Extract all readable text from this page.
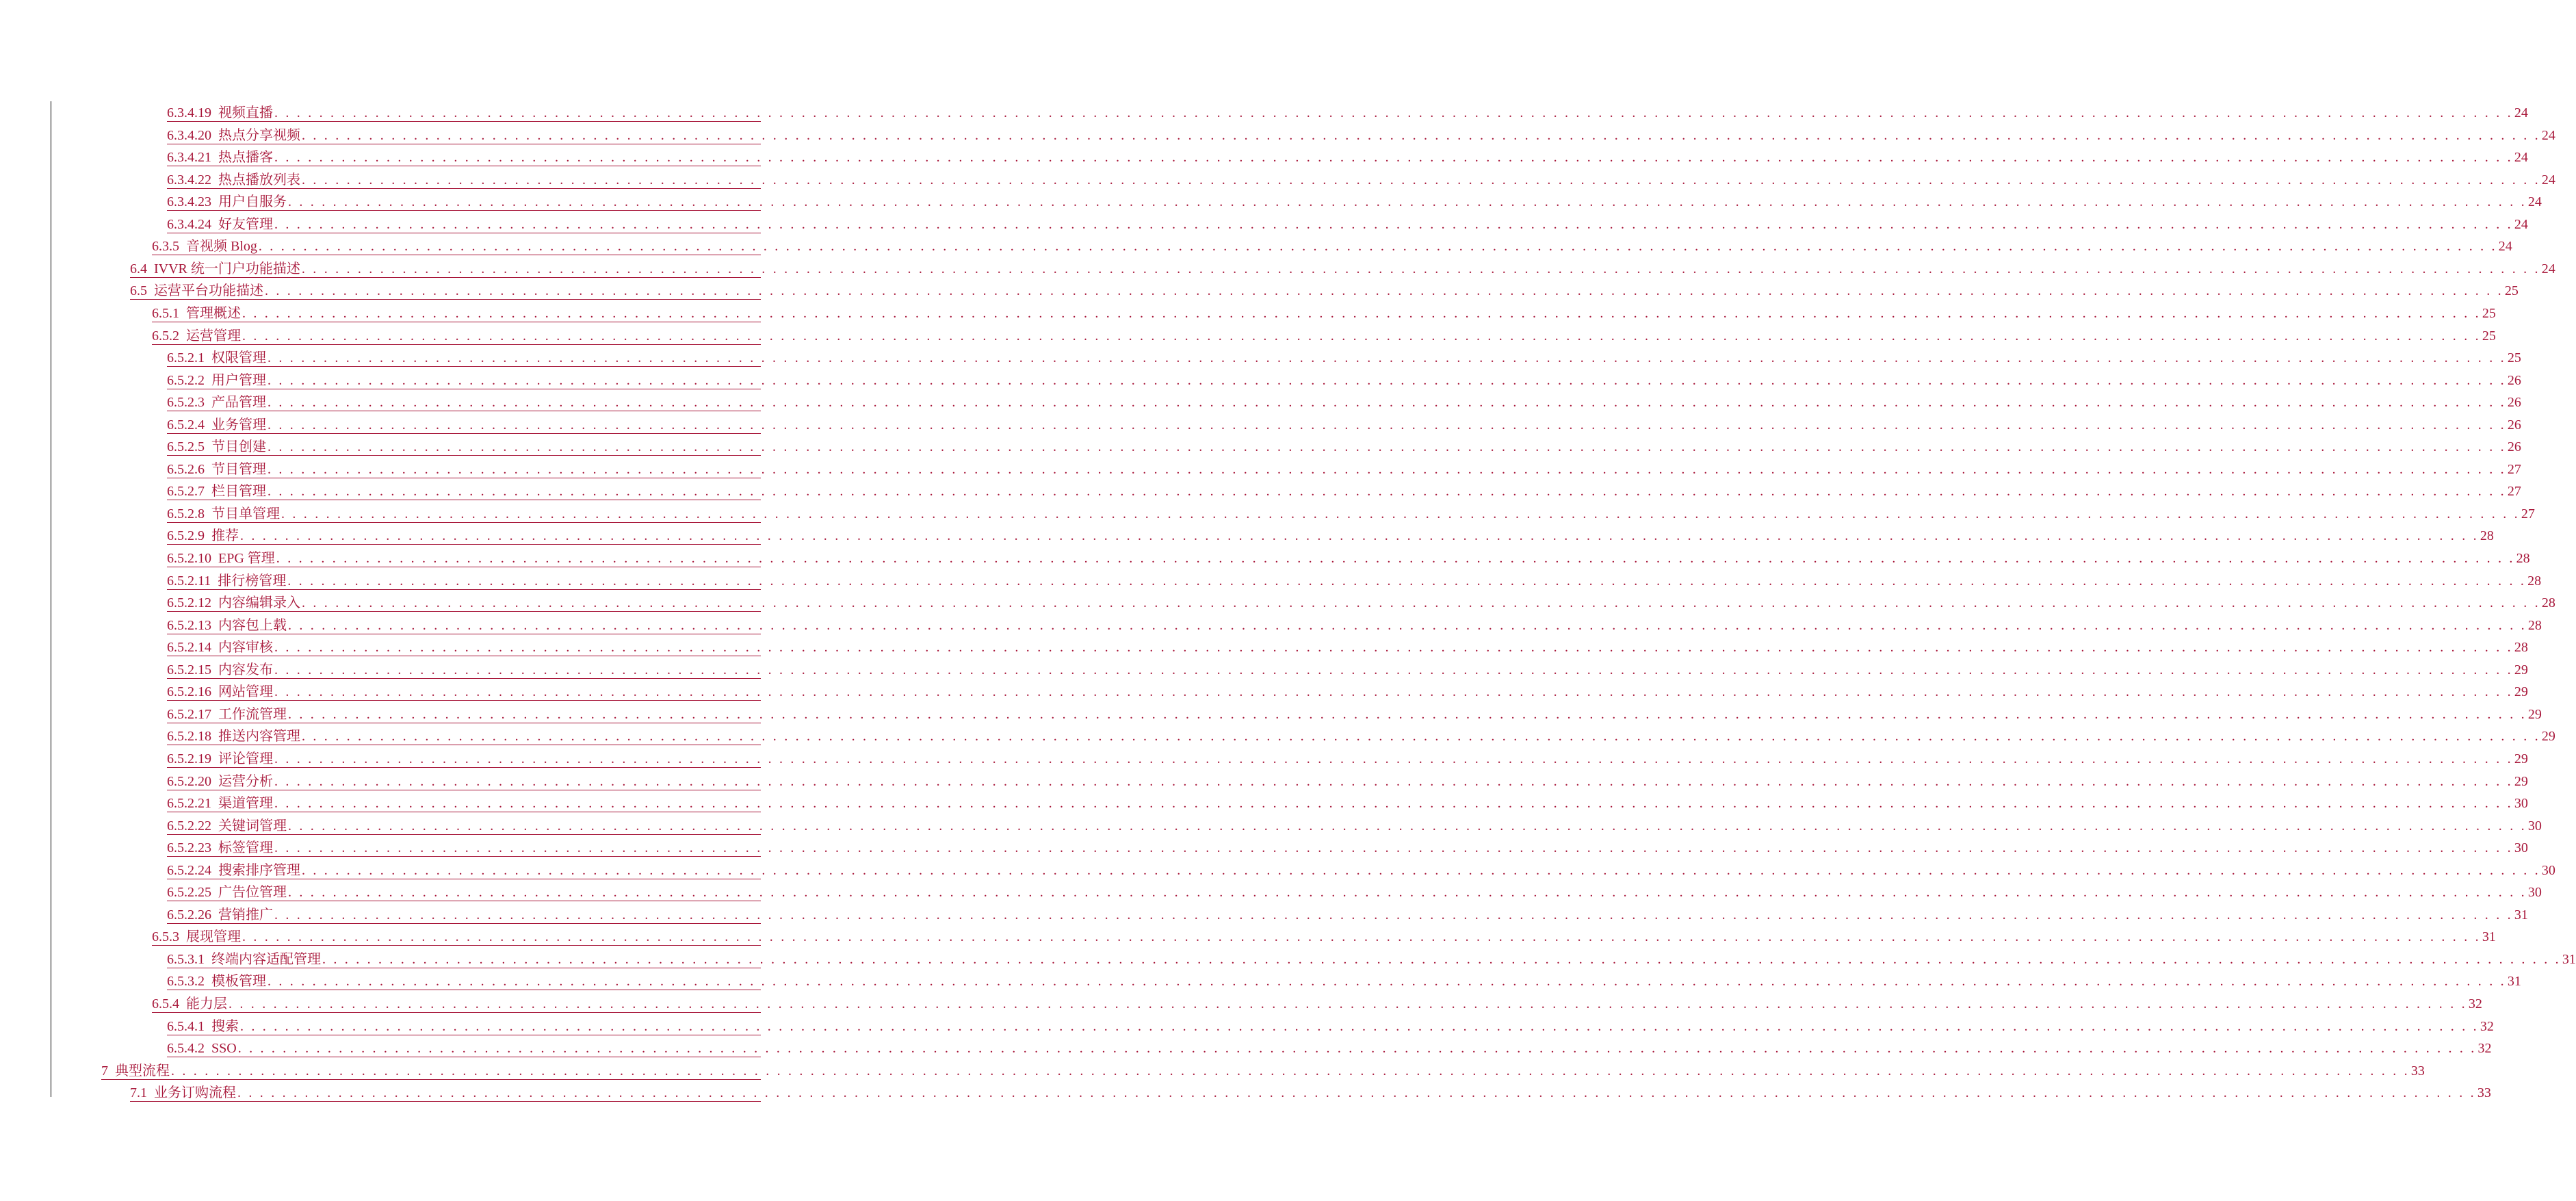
6.3.4.19 视频直播 . . . . . . . . . . . . . . . . . . . . . . . . . . . . . . . . . . . . . . . . . . . . . . . . . . . . . . . . . . . . . . . . . . . . . . . . . . . . . . . . . . . . . . . . . . . . . . . . . . . . . . . . . . . . . . . . . . . . . . . . . . . . . . . . . . . . . . . . . . . . . . . . . . . . . . . . . . . . . . . . . . . . . . . . . . . . . . . . . . . . . . . . . . . . . . . . . . . . . . . . 24
6.3.4.20 热点分享视频 . . . . . . . . . . . . . . . . . . . . . . . . . . . . . . . . . . . . . . . . . . . . . . . . . . . . . . . . . . . . . . . . . . . . . . . . . . . . . . . . . . . . . . . . . . . . . . . . . . . . . . . . . . . . . . . . . . . . . . . . . . . . . . . . . . . . . . . . . . . . . . . . . . . . . . . . . . . . . . . . . . . . . . . . . . . . . . . . . . . . . . . . . . . . . . . . . . . . . . . . 24
6.3.4.21 热点播客 . . . . . . . . . . . . . . . . . . . . . . . . . . . . . . . . . . . . . . . . . . . . . . . . . . . . . . . . . . . . . . . . . . . . . . . . . . . . . . . . . . . . . . . . . . . . . . . . . . . . . . . . . . . . . . . . . . . . . . . . . . . . . . . . . . . . . . . . . . . . . . . . . . . . . . . . . . . . . . . . . . . . . . . . . . . . . . . . . . . . . . . . . . . . . . . . . . . . . . . . 24
6.3.4.22 热点播放列表 . . . . . . . . . . . . . . . . . . . . . . . . . . . . . . . . . . . . . . . . . . . . . . . . . . . . . . . . . . . . . . . . . . . . . . . . . . . . . . . . . . . . . . . . . . . . . . . . . . . . . . . . . . . . . . . . . . . . . . . . . . . . . . . . . . . . . . . . . . . . . . . . . . . . . . . . . . . . . . . . . . . . . . . . . . . . . . . . . . . . . . . . . . . . . . . . . . . . . . . . 24
6.3.4.23 用户自服务 . . . . . . . . . . . . . . . . . . . . . . . . . . . . . . . . . . . . . . . . . . . . . . . . . . . . . . . . . . . . . . . . . . . . . . . . . . . . . . . . . . . . . . . . . . . . . . . . . . . . . . . . . . . . . . . . . . . . . . . . . . . . . . . . . . . . . . . . . . . . . . . . . . . . . . . . . . . . . . . . . . . . . . . . . . . . . . . . . . . . . . . . . . . . . . . . . . . . . . . . 24
6.3.4.24 好友管理 . . . . . . . . . . . . . . . . . . . . . . . . . . . . . . . . . . . . . . . . . . . . . . . . . . . . . . . . . . . . . . . . . . . . . . . . . . . . . . . . . . . . . . . . . . . . . . . . . . . . . . . . . . . . . . . . . . . . . . . . . . . . . . . . . . . . . . . . . . . . . . . . . . . . . . . . . . . . . . . . . . . . . . . . . . . . . . . . . . . . . . . . . . . . . . . . . . . . . . . . 24
6.3.5 音视频 Blog . . . . . . . . . . . . . . . . . . . . . . . . . . . . . . . . . . . . . . . . . . . . . . . . . . . . . . . . . . . . . . . . . . . . . . . . . . . . . . . . . . . . . . . . . . . . . . . . . . . . . . . . . . . . . . . . . . . . . . . . . . . . . . . . . . . . . . . . . . . . . . . . . . . . . . . . . . . . . . . . . . . . . . . . . . . . . . . . . . . . . . . . . . . . . . . . . . . . . . . . 24
6.4 IVVR 统一门户功能描述 . . . . . . . . . . . . . . . . . . . . . . . . . . . . . . . . . . . . . . . . . . . . . . . . . . . . . . . . . . . . . . . . . . . . . . . . . . . . . . . . . . . . . . . . . . . . . . . . . . . . . . . . . . . . . . . . . . . . . . . . . . . . . . . . . . . . . . . . . . . . . . . . . . . . . . . . . . . . . . . . . . . . . . . . . . . . . . . . . . . . . . . . . . . . . . . . . . . . . . . . 24
6.5 运营平台功能描述 . . . . . . . . . . . . . . . . . . . . . . . . . . . . . . . . . . . . . . . . . . . . . . . . . . . . . . . . . . . . . . . . . . . . . . . . . . . . . . . . . . . . . . . . . . . . . . . . . . . . . . . . . . . . . . . . . . . . . . . . . . . . . . . . . . . . . . . . . . . . . . . . . . . . . . . . . . . . . . . . . . . . . . . . . . . . . . . . . . . . . . . . . . . . . . . . . . . . . . . . 25
6.5.1 管理概述 . . . . . . . . . . . . . . . . . . . . . . . . . . . . . . . . . . . . . . . . . . . . . . . . . . . . . . . . . . . . . . . . . . . . . . . . . . . . . . . . . . . . . . . . . . . . . . . . . . . . . . . . . . . . . . . . . . . . . . . . . . . . . . . . . . . . . . . . . . . . . . . . . . . . . . . . . . . . . . . . . . . . . . . . . . . . . . . . . . . . . . . . . . . . . . . . . . . . . . . . 25
6.5.2 运营管理 . . . . . . . . . . . . . . . . . . . . . . . . . . . . . . . . . . . . . . . . . . . . . . . . . . . . . . . . . . . . . . . . . . . . . . . . . . . . . . . . . . . . . . . . . . . . . . . . . . . . . . . . . . . . . . . . . . . . . . . . . . . . . . . . . . . . . . . . . . . . . . . . . . . . . . . . . . . . . . . . . . . . . . . . . . . . . . . . . . . . . . . . . . . . . . . . . . . . . . . . 25
6.5.2.1 权限管理 . . . . . . . . . . . . . . . . . . . . . . . . . . . . . . . . . . . . . . . . . . . . . . . . . . . . . . . . . . . . . . . . . . . . . . . . . . . . . . . . . . . . . . . . . . . . . . . . . . . . . . . . . . . . . . . . . . . . . . . . . . . . . . . . . . . . . . . . . . . . . . . . . . . . . . . . . . . . . . . . . . . . . . . . . . . . . . . . . . . . . . . . . . . . . . . . . . . . . . . . 25
6.5.2.2 用户管理 . . . . . . . . . . . . . . . . . . . . . . . . . . . . . . . . . . . . . . . . . . . . . . . . . . . . . . . . . . . . . . . . . . . . . . . . . . . . . . . . . . . . . . . . . . . . . . . . . . . . . . . . . . . . . . . . . . . . . . . . . . . . . . . . . . . . . . . . . . . . . . . . . . . . . . . . . . . . . . . . . . . . . . . . . . . . . . . . . . . . . . . . . . . . . . . . . . . . . . . . 26
6.5.2.3 产品管理 . . . . . . . . . . . . . . . . . . . . . . . . . . . . . . . . . . . . . . . . . . . . . . . . . . . . . . . . . . . . . . . . . . . . . . . . . . . . . . . . . . . . . . . . . . . . . . . . . . . . . . . . . . . . . . . . . . . . . . . . . . . . . . . . . . . . . . . . . . . . . . . . . . . . . . . . . . . . . . . . . . . . . . . . . . . . . . . . . . . . . . . . . . . . . . . . . . . . . . . . 26
6.5.2.4 业务管理 . . . . . . . . . . . . . . . . . . . . . . . . . . . . . . . . . . . . . . . . . . . . . . . . . . . . . . . . . . . . . . . . . . . . . . . . . . . . . . . . . . . . . . . . . . . . . . . . . . . . . . . . . . . . . . . . . . . . . . . . . . . . . . . . . . . . . . . . . . . . . . . . . . . . . . . . . . . . . . . . . . . . . . . . . . . . . . . . . . . . . . . . . . . . . . . . . . . . . . . . 26
6.5.2.5 节目创建 . . . . . . . . . . . . . . . . . . . . . . . . . . . . . . . . . . . . . . . . . . . . . . . . . . . . . . . . . . . . . . . . . . . . . . . . . . . . . . . . . . . . . . . . . . . . . . . . . . . . . . . . . . . . . . . . . . . . . . . . . . . . . . . . . . . . . . . . . . . . . . . . . . . . . . . . . . . . . . . . . . . . . . . . . . . . . . . . . . . . . . . . . . . . . . . . . . . . . . . . 26
6.5.2.6 节目管理 . . . . . . . . . . . . . . . . . . . . . . . . . . . . . . . . . . . . . . . . . . . . . . . . . . . . . . . . . . . . . . . . . . . . . . . . . . . . . . . . . . . . . . . . . . . . . . . . . . . . . . . . . . . . . . . . . . . . . . . . . . . . . . . . . . . . . . . . . . . . . . . . . . . . . . . . . . . . . . . . . . . . . . . . . . . . . . . . . . . . . . . . . . . . . . . . . . . . . . . . 27
6.5.2.7 栏目管理 . . . . . . . . . . . . . . . . . . . . . . . . . . . . . . . . . . . . . . . . . . . . . . . . . . . . . . . . . . . . . . . . . . . . . . . . . . . . . . . . . . . . . . . . . . . . . . . . . . . . . . . . . . . . . . . . . . . . . . . . . . . . . . . . . . . . . . . . . . . . . . . . . . . . . . . . . . . . . . . . . . . . . . . . . . . . . . . . . . . . . . . . . . . . . . . . . . . . . . . . 27
6.5.2.8 节目单管理 . . . . . . . . . . . . . . . . . . . . . . . . . . . . . . . . . . . . . . . . . . . . . . . . . . . . . . . . . . . . . . . . . . . . . . . . . . . . . . . . . . . . . . . . . . . . . . . . . . . . . . . . . . . . . . . . . . . . . . . . . . . . . . . . . . . . . . . . . . . . . . . . . . . . . . . . . . . . . . . . . . . . . . . . . . . . . . . . . . . . . . . . . . . . . . . . . . . . . . . . 27
6.5.2.9 推荐 . . . . . . . . . . . . . . . . . . . . . . . . . . . . . . . . . . . . . . . . . . . . . . . . . . . . . . . . . . . . . . . . . . . . . . . . . . . . . . . . . . . . . . . . . . . . . . . . . . . . . . . . . . . . . . . . . . . . . . . . . . . . . . . . . . . . . . . . . . . . . . . . . . . . . . . . . . . . . . . . . . . . . . . . . . . . . . . . . . . . . . . . . . . . . . . . . . . . . . . . 28
6.5.2.10 EPG 管理 . . . . . . . . . . . . . . . . . . . . . . . . . . . . . . . . . . . . . . . . . . . . . . . . . . . . . . . . . . . . . . . . . . . . . . . . . . . . . . . . . . . . . . . . . . . . . . . . . . . . . . . . . . . . . . . . . . . . . . . . . . . . . . . . . . . . . . . . . . . . . . . . . . . . . . . . . . . . . . . . . . . . . . . . . . . . . . . . . . . . . . . . . . . . . . . . . . . . . . . . 28
6.5.2.11 排行榜管理 . . . . . . . . . . . . . . . . . . . . . . . . . . . . . . . . . . . . . . . . . . . . . . . . . . . . . . . . . . . . . . . . . . . . . . . . . . . . . . . . . . . . . . . . . . . . . . . . . . . . . . . . . . . . . . . . . . . . . . . . . . . . . . . . . . . . . . . . . . . . . . . . . . . . . . . . . . . . . . . . . . . . . . . . . . . . . . . . . . . . . . . . . . . . . . . . . . . . . . . . 28
6.5.2.12 内容编辑录入 . . . . . . . . . . . . . . . . . . . . . . . . . . . . . . . . . . . . . . . . . . . . . . . . . . . . . . . . . . . . . . . . . . . . . . . . . . . . . . . . . . . . . . . . . . . . . . . . . . . . . . . . . . . . . . . . . . . . . . . . . . . . . . . . . . . . . . . . . . . . . . . . . . . . . . . . . . . . . . . . . . . . . . . . . . . . . . . . . . . . . . . . . . . . . . . . . . . . . . . . 28
6.5.2.13 内容包上载 . . . . . . . . . . . . . . . . . . . . . . . . . . . . . . . . . . . . . . . . . . . . . . . . . . . . . . . . . . . . . . . . . . . . . . . . . . . . . . . . . . . . . . . . . . . . . . . . . . . . . . . . . . . . . . . . . . . . . . . . . . . . . . . . . . . . . . . . . . . . . . . . . . . . . . . . . . . . . . . . . . . . . . . . . . . . . . . . . . . . . . . . . . . . . . . . . . . . . . . . 28
6.5.2.14 内容审核 . . . . . . . . . . . . . . . . . . . . . . . . . . . . . . . . . . . . . . . . . . . . . . . . . . . . . . . . . . . . . . . . . . . . . . . . . . . . . . . . . . . . . . . . . . . . . . . . . . . . . . . . . . . . . . . . . . . . . . . . . . . . . . . . . . . . . . . . . . . . . . . . . . . . . . . . . . . . . . . . . . . . . . . . . . . . . . . . . . . . . . . . . . . . . . . . . . . . . . . . 28
6.5.2.15 内容发布 . . . . . . . . . . . . . . . . . . . . . . . . . . . . . . . . . . . . . . . . . . . . . . . . . . . . . . . . . . . . . . . . . . . . . . . . . . . . . . . . . . . . . . . . . . . . . . . . . . . . . . . . . . . . . . . . . . . . . . . . . . . . . . . . . . . . . . . . . . . . . . . . . . . . . . . . . . . . . . . . . . . . . . . . . . . . . . . . . . . . . . . . . . . . . . . . . . . . . . . . 29
6.5.2.16 网站管理 . . . . . . . . . . . . . . . . . . . . . . . . . . . . . . . . . . . . . . . . . . . . . . . . . . . . . . . . . . . . . . . . . . . . . . . . . . . . . . . . . . . . . . . . . . . . . . . . . . . . . . . . . . . . . . . . . . . . . . . . . . . . . . . . . . . . . . . . . . . . . . . . . . . . . . . . . . . . . . . . . . . . . . . . . . . . . . . . . . . . . . . . . . . . . . . . . . . . . . . . 29
6.5.2.17 工作流管理 . . . . . . . . . . . . . . . . . . . . . . . . . . . . . . . . . . . . . . . . . . . . . . . . . . . . . . . . . . . . . . . . . . . . . . . . . . . . . . . . . . . . . . . . . . . . . . . . . . . . . . . . . . . . . . . . . . . . . . . . . . . . . . . . . . . . . . . . . . . . . . . . . . . . . . . . . . . . . . . . . . . . . . . . . . . . . . . . . . . . . . . . . . . . . . . . . . . . . . . . 29
6.5.2.18 推送内容管理 . . . . . . . . . . . . . . . . . . . . . . . . . . . . . . . . . . . . . . . . . . . . . . . . . . . . . . . . . . . . . . . . . . . . . . . . . . . . . . . . . . . . . . . . . . . . . . . . . . . . . . . . . . . . . . . . . . . . . . . . . . . . . . . . . . . . . . . . . . . . . . . . . . . . . . . . . . . . . . . . . . . . . . . . . . . . . . . . . . . . . . . . . . . . . . . . . . . . . . . . 29
6.5.2.19 评论管理 . . . . . . . . . . . . . . . . . . . . . . . . . . . . . . . . . . . . . . . . . . . . . . . . . . . . . . . . . . . . . . . . . . . . . . . . . . . . . . . . . . . . . . . . . . . . . . . . . . . . . . . . . . . . . . . . . . . . . . . . . . . . . . . . . . . . . . . . . . . . . . . . . . . . . . . . . . . . . . . . . . . . . . . . . . . . . . . . . . . . . . . . . . . . . . . . . . . . . . . . 29
6.5.2.20 运营分析 . . . . . . . . . . . . . . . . . . . . . . . . . . . . . . . . . . . . . . . . . . . . . . . . . . . . . . . . . . . . . . . . . . . . . . . . . . . . . . . . . . . . . . . . . . . . . . . . . . . . . . . . . . . . . . . . . . . . . . . . . . . . . . . . . . . . . . . . . . . . . . . . . . . . . . . . . . . . . . . . . . . . . . . . . . . . . . . . . . . . . . . . . . . . . . . . . . . . . . . . 29
6.5.2.21 渠道管理 . . . . . . . . . . . . . . . . . . . . . . . . . . . . . . . . . . . . . . . . . . . . . . . . . . . . . . . . . . . . . . . . . . . . . . . . . . . . . . . . . . . . . . . . . . . . . . . . . . . . . . . . . . . . . . . . . . . . . . . . . . . . . . . . . . . . . . . . . . . . . . . . . . . . . . . . . . . . . . . . . . . . . . . . . . . . . . . . . . . . . . . . . . . . . . . . . . . . . . . . 30
6.5.2.22 关键词管理 . . . . . . . . . . . . . . . . . . . . . . . . . . . . . . . . . . . . . . . . . . . . . . . . . . . . . . . . . . . . . . . . . . . . . . . . . . . . . . . . . . . . . . . . . . . . . . . . . . . . . . . . . . . . . . . . . . . . . . . . . . . . . . . . . . . . . . . . . . . . . . . . . . . . . . . . . . . . . . . . . . . . . . . . . . . . . . . . . . . . . . . . . . . . . . . . . . . . . . . . 30
6.5.2.23 标签管理 . . . . . . . . . . . . . . . . . . . . . . . . . . . . . . . . . . . . . . . . . . . . . . . . . . . . . . . . . . . . . . . . . . . . . . . . . . . . . . . . . . . . . . . . . . . . . . . . . . . . . . . . . . . . . . . . . . . . . . . . . . . . . . . . . . . . . . . . . . . . . . . . . . . . . . . . . . . . . . . . . . . . . . . . . . . . . . . . . . . . . . . . . . . . . . . . . . . . . . . . 30
6.5.2.24 搜索排序管理 . . . . . . . . . . . . . . . . . . . . . . . . . . . . . . . . . . . . . . . . . . . . . . . . . . . . . . . . . . . . . . . . . . . . . . . . . . . . . . . . . . . . . . . . . . . . . . . . . . . . . . . . . . . . . . . . . . . . . . . . . . . . . . . . . . . . . . . . . . . . . . . . . . . . . . . . . . . . . . . . . . . . . . . . . . . . . . . . . . . . . . . . . . . . . . . . . . . . . . . . 30
6.5.2.25 广告位管理 . . . . . . . . . . . . . . . . . . . . . . . . . . . . . . . . . . . . . . . . . . . . . . . . . . . . . . . . . . . . . . . . . . . . . . . . . . . . . . . . . . . . . . . . . . . . . . . . . . . . . . . . . . . . . . . . . . . . . . . . . . . . . . . . . . . . . . . . . . . . . . . . . . . . . . . . . . . . . . . . . . . . . . . . . . . . . . . . . . . . . . . . . . . . . . . . . . . . . . . . 30
6.5.2.26 营销推广 . . . . . . . . . . . . . . . . . . . . . . . . . . . . . . . . . . . . . . . . . . . . . . . . . . . . . . . . . . . . . . . . . . . . . . . . . . . . . . . . . . . . . . . . . . . . . . . . . . . . . . . . . . . . . . . . . . . . . . . . . . . . . . . . . . . . . . . . . . . . . . . . . . . . . . . . . . . . . . . . . . . . . . . . . . . . . . . . . . . . . . . . . . . . . . . . . . . . . . . . 31
6.5.3 展现管理 . . . . . . . . . . . . . . . . . . . . . . . . . . . . . . . . . . . . . . . . . . . . . . . . . . . . . . . . . . . . . . . . . . . . . . . . . . . . . . . . . . . . . . . . . . . . . . . . . . . . . . . . . . . . . . . . . . . . . . . . . . . . . . . . . . . . . . . . . . . . . . . . . . . . . . . . . . . . . . . . . . . . . . . . . . . . . . . . . . . . . . . . . . . . . . . . . . . . . . . . 31
6.5.3.1 终端内容适配管理 . . . . . . . . . . . . . . . . . . . . . . . . . . . . . . . . . . . . . . . . . . . . . . . . . . . . . . . . . . . . . . . . . . . . . . . . . . . . . . . . . . . . . . . . . . . . . . . . . . . . . . . . . . . . . . . . . . . . . . . . . . . . . . . . . . . . . . . . . . . . . . . . . . . . . . . . . . . . . . . . . . . . . . . . . . . . . . . . . . . . . . . . . . . . . . . . . . . . . . . . 31
6.5.3.2 模板管理 . . . . . . . . . . . . . . . . . . . . . . . . . . . . . . . . . . . . . . . . . . . . . . . . . . . . . . . . . . . . . . . . . . . . . . . . . . . . . . . . . . . . . . . . . . . . . . . . . . . . . . . . . . . . . . . . . . . . . . . . . . . . . . . . . . . . . . . . . . . . . . . . . . . . . . . . . . . . . . . . . . . . . . . . . . . . . . . . . . . . . . . . . . . . . . . . . . . . . . . . 31
6.5.4 能力层 . . . . . . . . . . . . . . . . . . . . . . . . . . . . . . . . . . . . . . . . . . . . . . . . . . . . . . . . . . . . . . . . . . . . . . . . . . . . . . . . . . . . . . . . . . . . . . . . . . . . . . . . . . . . . . . . . . . . . . . . . . . . . . . . . . . . . . . . . . . . . . . . . . . . . . . . . . . . . . . . . . . . . . . . . . . . . . . . . . . . . . . . . . . . . . . . . . . . . . . . 32
6.5.4.1 搜索 . . . . . . . . . . . . . . . . . . . . . . . . . . . . . . . . . . . . . . . . . . . . . . . . . . . . . . . . . . . . . . . . . . . . . . . . . . . . . . . . . . . . . . . . . . . . . . . . . . . . . . . . . . . . . . . . . . . . . . . . . . . . . . . . . . . . . . . . . . . . . . . . . . . . . . . . . . . . . . . . . . . . . . . . . . . . . . . . . . . . . . . . . . . . . . . . . . . . . . . . 32
6.5.4.2 SSO . . . . . . . . . . . . . . . . . . . . . . . . . . . . . . . . . . . . . . . . . . . . . . . . . . . . . . . . . . . . . . . . . . . . . . . . . . . . . . . . . . . . . . . . . . . . . . . . . . . . . . . . . . . . . . . . . . . . . . . . . . . . . . . . . . . . . . . . . . . . . . . . . . . . . . . . . . . . . . . . . . . . . . . . . . . . . . . . . . . . . . . . . . . . . . . . . . . . . . . . 32
7 典型流程 . . . . . . . . . . . . . . . . . . . . . . . . . . . . . . . . . . . . . . . . . . . . . . . . . . . . . . . . . . . . . . . . . . . . . . . . . . . . . . . . . . . . . . . . . . . . . . . . . . . . . . . . . . . . . . . . . . . . . . . . . . . . . . . . . . . . . . . . . . . . . . . . . . . . . . . . . . . . . . . . . . . . . . . . . . . . . . . . . . . . . . . . . . . . . . . . . . . . . . . . 33
7.1 业务订购流程 . . . . . . . . . . . . . . . . . . . . . . . . . . . . . . . . . . . . . . . . . . . . . . . . . . . . . . . . . . . . . . . . . . . . . . . . . . . . . . . . . . . . . . . . . . . . . . . . . . . . . . . . . . . . . . . . . . . . . . . . . . . . . . . . . . . . . . . . . . . . . . . . . . . . . . . . . . . . . . . . . . . . . . . . . . . . . . . . . . . . . . . . . . . . . . . . . . . . . . . . 33
